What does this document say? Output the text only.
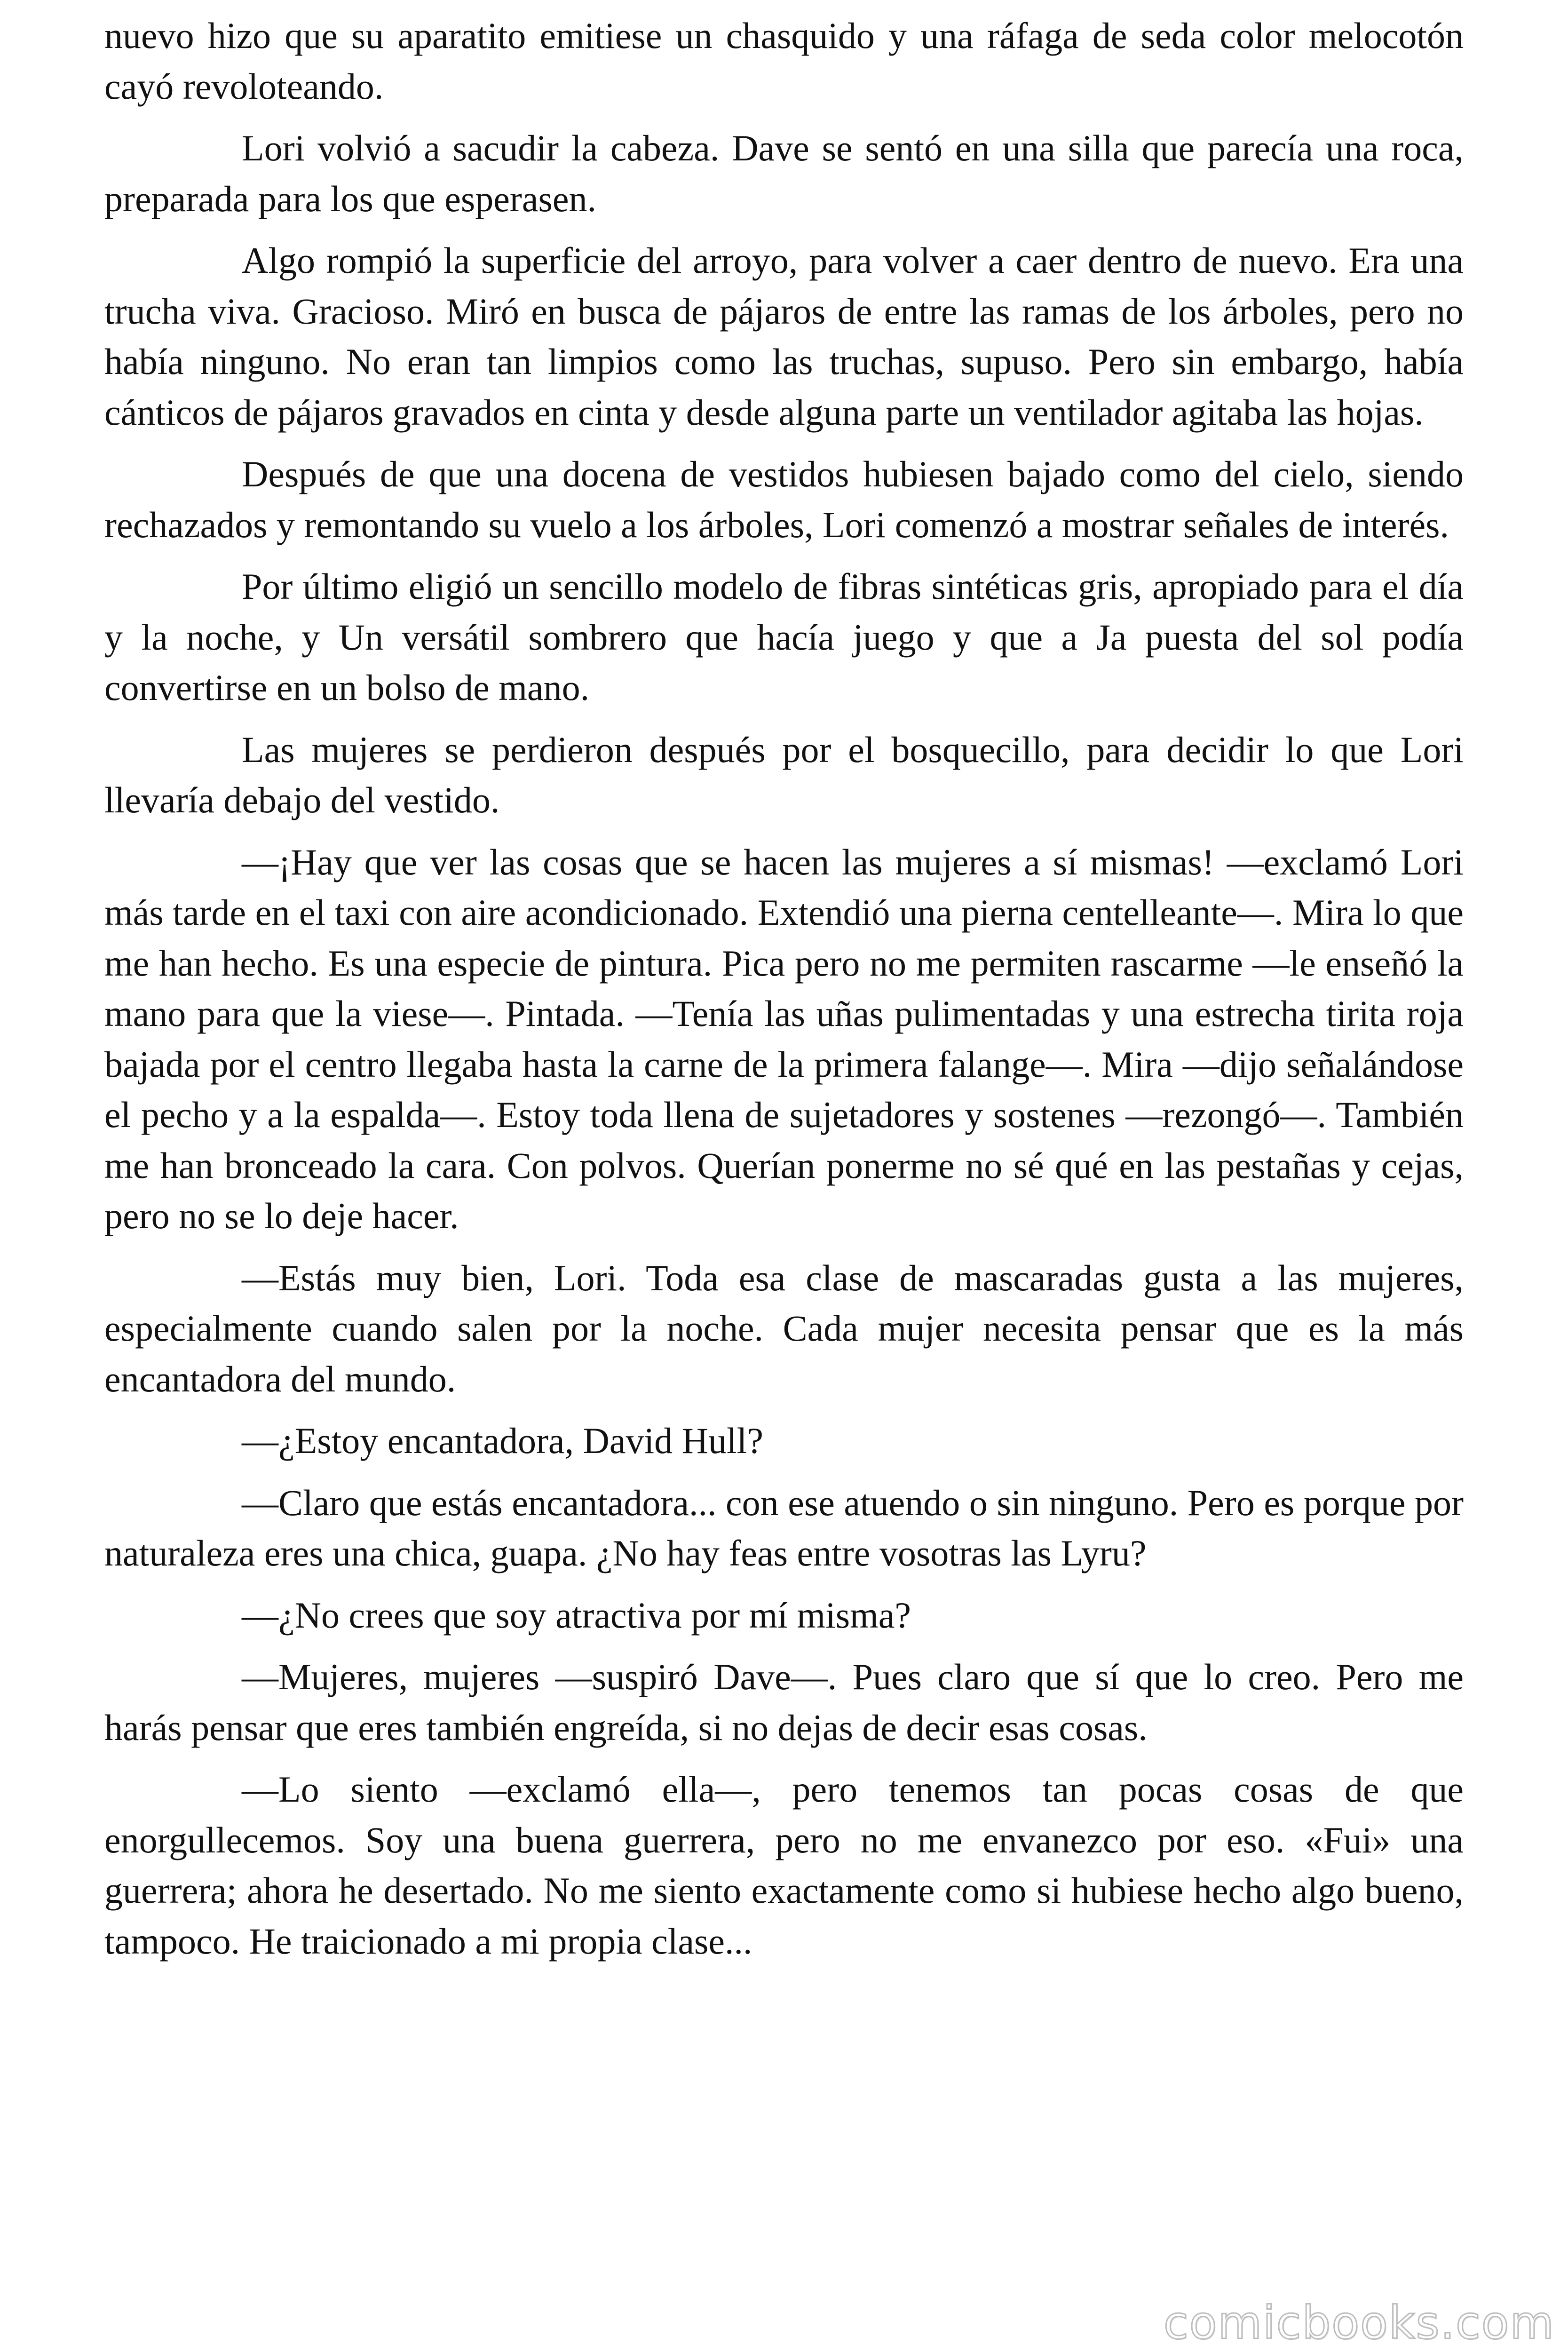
nuevo hizo que su aparatito emitiese un chasquido y una ráfaga de seda color melocotón cayó revoloteando.

Lori volvió a sacudir la cabeza. Dave se sentó en una silla que parecía una roca, preparada para los que esperasen.

Algo rompió la superficie del arroyo, para volver a caer dentro de nuevo. Era una trucha viva. Gracioso. Miró en busca de pájaros de entre las ramas de los árboles, pero no había ninguno. No eran tan limpios como las truchas, supuso. Pero sin embargo, había cánticos de pájaros gravados en cinta y desde alguna parte un ventilador agitaba las hojas.

Después de que una docena de vestidos hubiesen bajado como del cielo, siendo rechazados y remontando su vuelo a los árboles, Lori comenzó a mostrar señales de interés.

Por último eligió un sencillo modelo de fibras sintéticas gris, apropiado para el día y la noche, y Un versátil sombrero que hacía juego y que a Ja puesta del sol podía convertirse en un bolso de mano.

Las mujeres se perdieron después por el bosquecillo, para decidir lo que Lori llevaría debajo del vestido.

—¡Hay que ver las cosas que se hacen las mujeres a sí mismas! —exclamó Lori más tarde en el taxi con aire acondicionado. Extendió una pierna centelleante—. Mira lo que me han hecho. Es una especie de pintura. Pica pero no me permiten rascarme —le enseñó la mano para que la viese—. Pintada. —Tenía las uñas pulimentadas y una estrecha tirita roja bajada por el centro llegaba hasta la carne de la primera falange—. Mira —dijo señalándose el pecho y a la espalda—. Estoy toda llena de sujetadores y sostenes —rezongó—. También me han bronceado la cara. Con polvos. Querían ponerme no sé qué en las pestañas y cejas, pero no se lo deje hacer.

—Estás muy bien, Lori. Toda esa clase de mascaradas gusta a las mujeres, especialmente cuando salen por la noche. Cada mujer necesita pensar que es la más encantadora del mundo.

—¿Estoy encantadora, David Hull?

—Claro que estás encantadora... con ese atuendo o sin ninguno. Pero es porque por naturaleza eres una chica, guapa. ¿No hay feas entre vosotras las Lyru?

—¿No crees que soy atractiva por mí misma?

—Mujeres, mujeres —suspiró Dave—. Pues claro que sí que lo creo. Pero me harás pensar que eres también engreída, si no dejas de decir esas cosas.

—Lo siento —exclamó ella—, pero tenemos tan pocas cosas de que enorgullecemos. Soy una buena guerrera, pero no me envanezco por eso. «Fui» una guerrera; ahora he desertado. No me siento exactamente como si hubiese hecho algo bueno, tampoco. He traicionado a mi propia clase...

comicbooks.com
